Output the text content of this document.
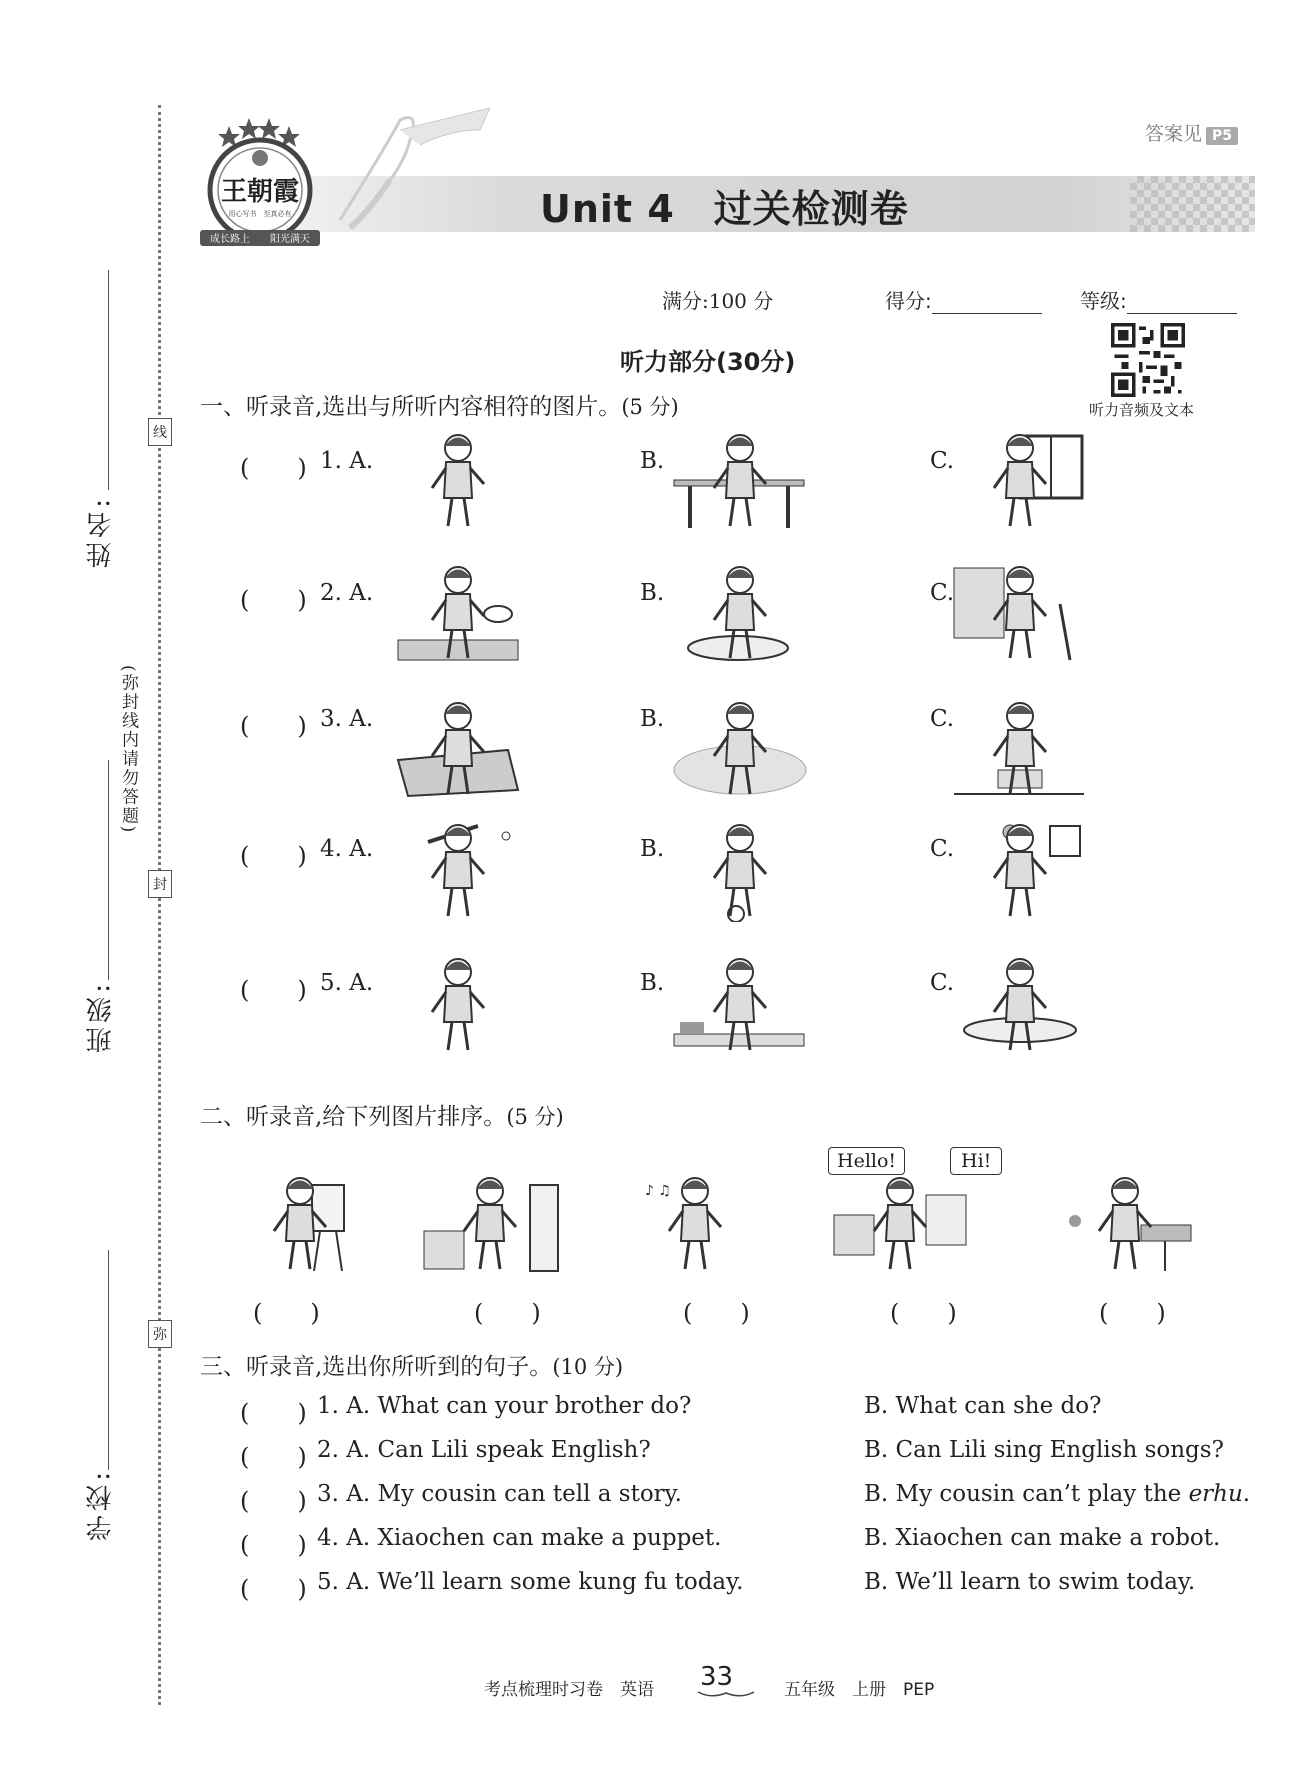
姓名:
班级:
学校:
线
封
弥
(弥封线内请勿答题)
王朝霞
用心写书　至真必有
成长路上 阳光满天
答案见 P5
Unit 4　过关检测卷
满分:100 分	得分:	等级:
听力音频及文本
听力部分(30分)
一、听录音,选出与所听内容相符的图片。(5 分)
(　　) 1. A.	B.	C.
(　　) 2. A.	B.	C.
(　　) 3. A.	B.	C.
(　　) 4. A.	B.	C.
(　　) 5. A.	B.	C.
二、听录音,给下列图片排序。(5 分)
(　　)	(　　)
♪ ♫
(　　)	(　　)	(　　)
Hello!	Hi!
三、听录音,选出你所听到的句子。(10 分)
(　　) 1. A. What can your brother do?	B. What can she do?
(　　) 2. A. Can Lili speak English?	B. Can Lili sing English songs?
(　　) 3. A. My cousin can tell a story.	B. My cousin can’t play the erhu.
(　　) 4. A. Xiaochen can make a puppet.	B. Xiaochen can make a robot.
(　　) 5. A. We’ll learn some kung fu today.	B. We’ll learn to swim today.
考点梳理时习卷　英语 33	五年级　上册　PEP
